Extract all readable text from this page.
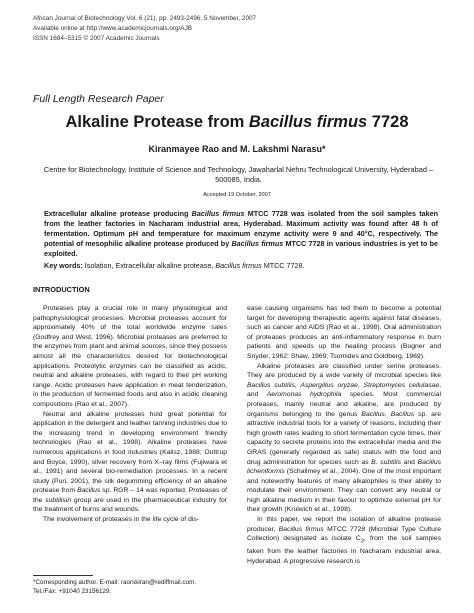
African Journal of Biotechnology Vol. 6 (21), pp. 2493-2496, 5 November, 2007
Available online at http://www.academicjournals.org/AJB
ISSN 1684–5315 © 2007 Academic Journals
Full Length Research Paper
Alkaline Protease from Bacillus firmus 7728
Kiranmayee Rao and M. Lakshmi Narasu*
Centre for Biotechnology, Institute of Science and Technology, Jawaharlal Nehru Technological University, Hyderabad – 500085, India.
Accepted 19 October, 2007
Extracellular alkaline protease producing Bacillus firmus MTCC 7728 was isolated from the soil samples taken from the leather factories in Nacharam industrial area, Hyderabad. Maximum activity was found after 48 h of fermentation. Optimum pH and temperature for maximum enzyme activity were 9 and 40°C, respectively. The potential of mesophilic alkaline protease produced by Bacillus firmus MTCC 7728 in various industries is yet to be exploited.
Key words: Isolation, Extracellular alkaline protease, Bacillus firmus MTCC 7728.
INTRODUCTION

Proteases play a crucial role in many physiological and pathophysiological processes. Microbial proteases account for approximately 40% of the total worldwide enzyme sales (Godfrey and West, 1996). Microbial proteases are preferred to the enzymes from plant and animal sources, since they possess almost all the characteristics desired for biotechnological applications. Proteolytic enzymes can be classified as acidic, neutral and alkaline proteases, with regard to their pH working range. Acidic proteases have application in meat tenderization, in the production of fermented foods and also in acidic cleaning compositions (Rao et al., 2007).

Neutral and alkaline proteases hold great potential for application in the detergent and leather tanning industries due to the increasing trend in developing environment friendly technologies (Rao et al., 1998). Alkaline proteases have numerous applications in food industries (Kalisz, 1988; Outtrup and Boyce, 1990), silver recovery from X–ray films (Fujiwara et al., 1991) and several bio-remediation processes. In a recent study (Puri, 2001), the silk degumming efficiency of an alkaline protease from Bacillus sp. RGR – 14 was reported. Proteases of the subtilisin group are used in the pharmaceutical industry for the treatment of burns and wounds.

The involvement of proteases in the life cycle of dis-

ease causing organisms has led them to become a potential target for developing therapeutic agents against fatal diseases, such as cancer and AIDS (Rao et al., 1998). Oral administration of proteases produces an anti-inflammatory response in burn patients and speeds up the healing process (Bogner and Snyder, 1962; Shaw, 1969; Tsomides and Goldberg, 1969).

Alkaline proteases are classified under serine proteases. They are produced by a wide variety of microbial species like Bacillus subtilis, Aspergillus oryzae, Streptomyces cellulasae, and Aeromonas hydrophila species. Most commercial proteases, mainly neutral and alkaline, are produced by organisms belonging to the genus Bacillus. Bacillus sp. are attractive industrial tools for a variety of reasons, including their high growth rates leading to short fermentation cycle times, their capacity to secrete proteins into the extracellular media and the GRAS (generally regarded as safe) status with the food and drug administration for species such as B. subtilis and Bacillus licheniformis (Schallmey et al., 2004). One of the most important and noteworthy features of many alkalophiles is their ability to modulate their environment. They can convert any neutral or high alkaline medium in their favour to optimize external pH for their growth (Krulwich et al., 1998).

In this paper, we report the isolation of alkaline protease producer, Bacillus firmus MTCC 7728 (Microbial Type Culture Collection) designated as isolate $C_3$, from the soil samples taken from the leather factories in Nacharam industrial area, Hyderabad. A progressive research is

*Corresponding author. E-mail: raorskiran@rediffmail.com.
Tel./Fax: +91040 23156129.
